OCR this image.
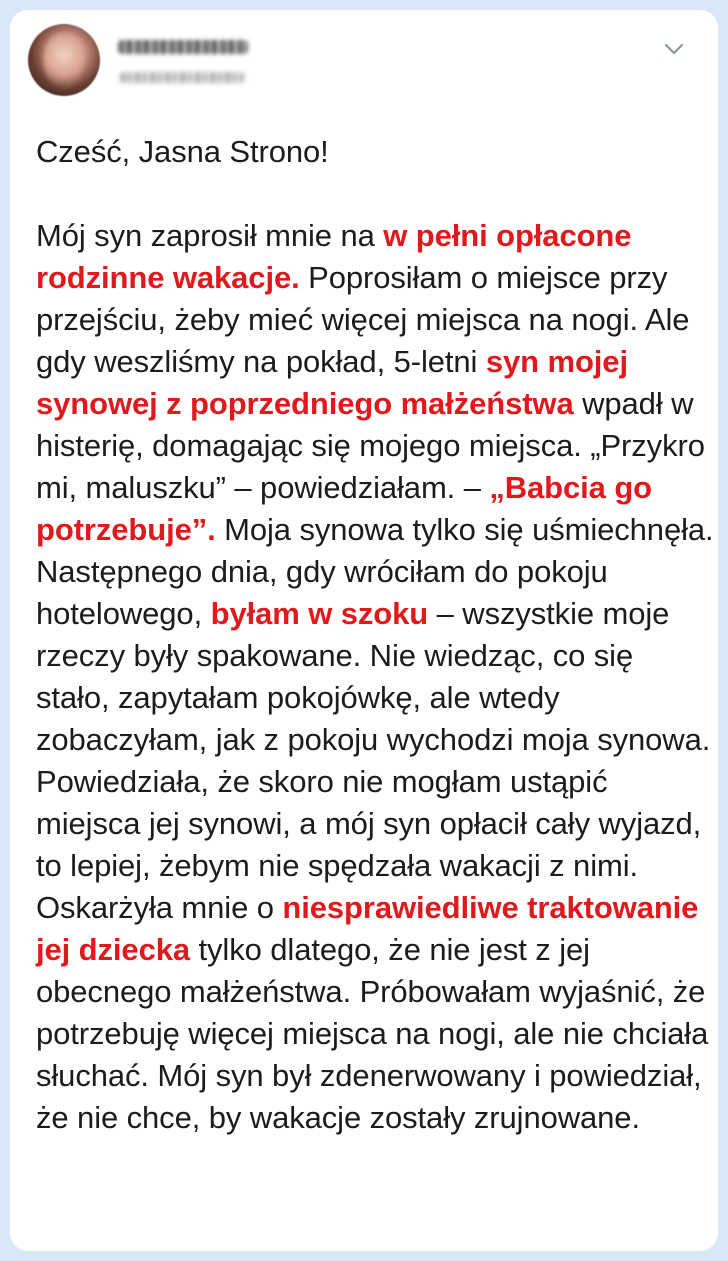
Cześć, Jasna Strono!

Mój syn zaprosił mnie na w pełni opłacone rodzinne wakacje. Poprosiłam o miejsce przy przejściu, żeby mieć więcej miejsca na nogi. Ale gdy weszliśmy na pokład, 5-letni syn mojej synowej z poprzedniego małżeństwa wpadł w histerię, domagając się mojego miejsca. „Przykro mi, maluszku” – powiedziałam. – „Babcia go potrzebuje”. Moja synowa tylko się uśmiechnęła. Następnego dnia, gdy wróciłam do pokoju hotelowego, byłam w szoku – wszystkie moje rzeczy były spakowane. Nie wiedząc, co się stało, zapytałam pokojówkę, ale wtedy zobaczyłam, jak z pokoju wychodzi moja synowa. Powiedziała, że skoro nie mogłam ustąpić miejsca jej synowi, a mój syn opłacił cały wyjazd, to lepiej, żebym nie spędzała wakacji z nimi. Oskarżyła mnie o niesprawiedliwe traktowanie jej dziecka tylko dlatego, że nie jest z jej obecnego małżeństwa. Próbowałam wyjaśnić, że potrzebuję więcej miejsca na nogi, ale nie chciała słuchać. Mój syn był zdenerwowany i powiedział, że nie chce, by wakacje zostały zrujnowane.
